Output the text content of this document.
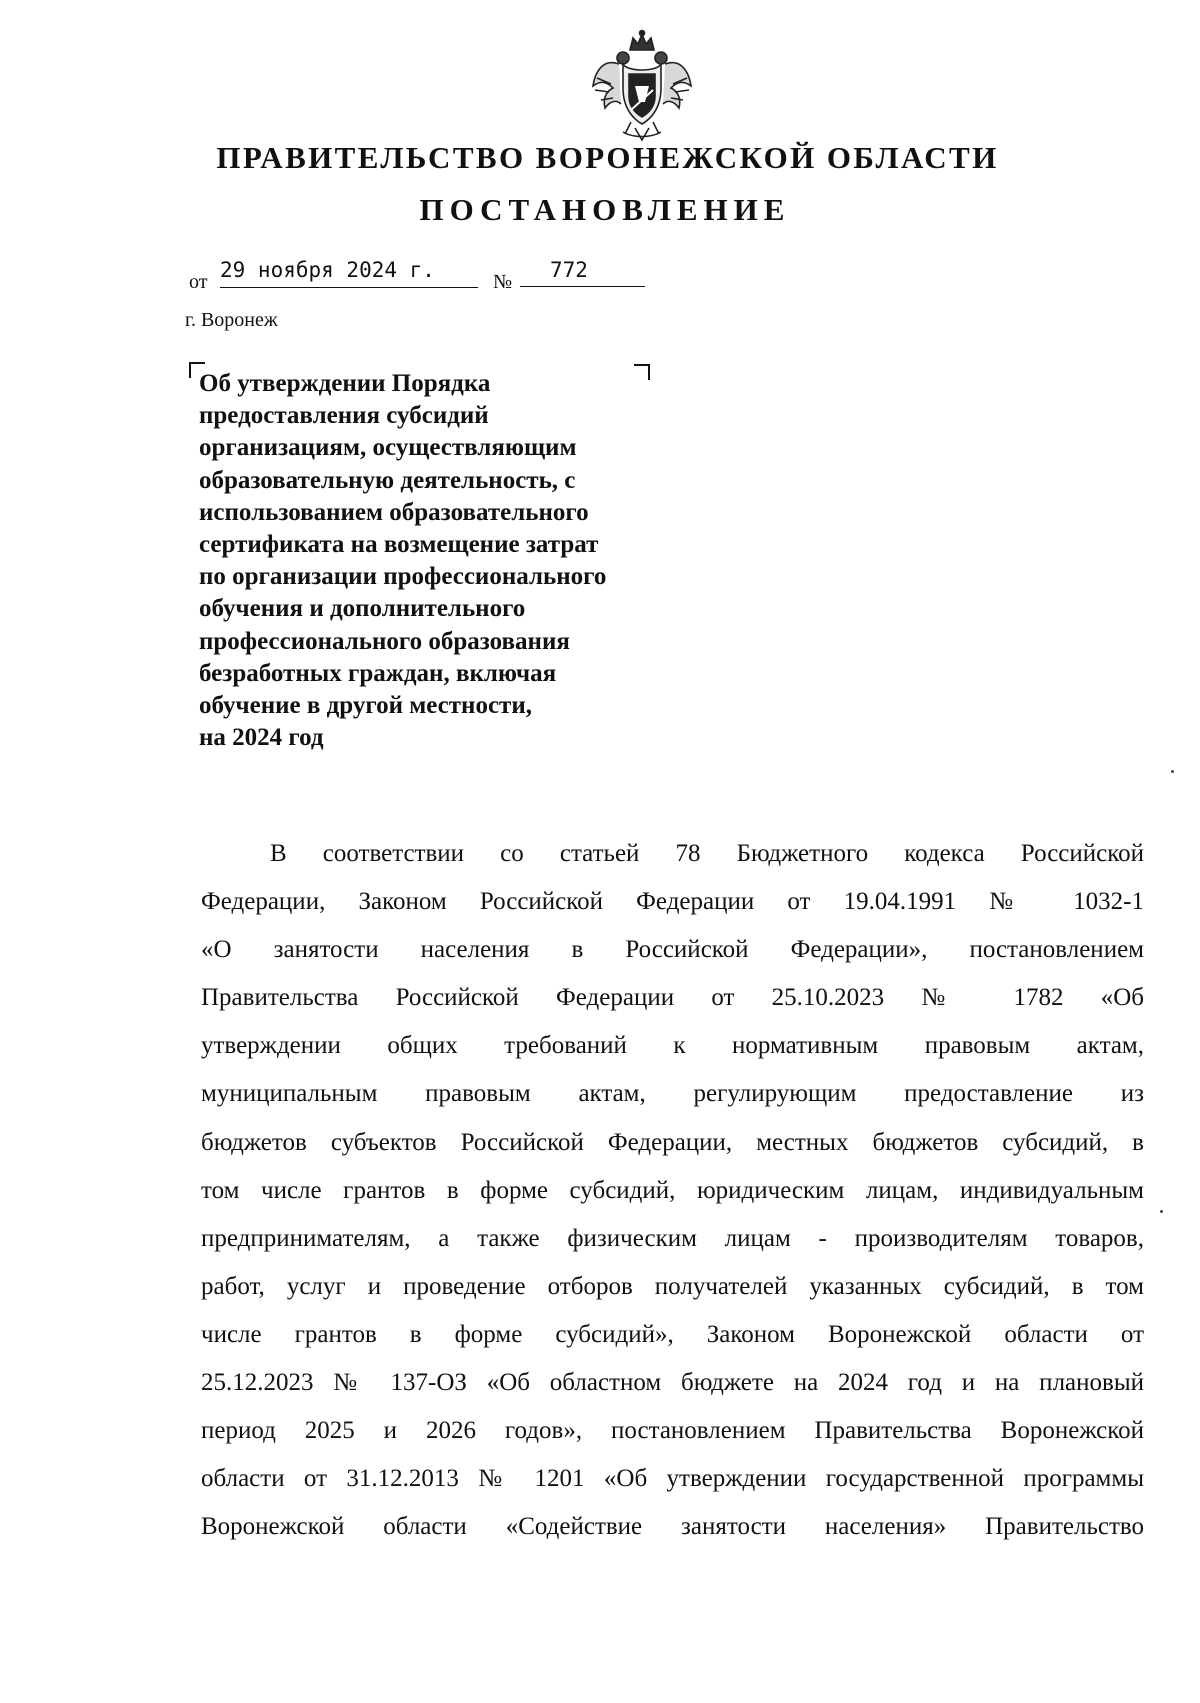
ПРАВИТЕЛЬСТВО ВОРОНЕЖСКОЙ ОБЛАСТИ
ПОСТАНОВЛЕНИЕ
от 29 ноября 2024 г.	№	772
г. Воронеж
Об утверждении Порядка
предоставления субсидий
организациям, осуществляющим
образовательную деятельность, с
использованием образовательного
сертификата на возмещение затрат
по организации профессионального
обучения и дополнительного
профессионального образования
безработных граждан, включая
обучение в другой местности,
на 2024 год
В соответствии со статьей 78 Бюджетного кодекса Российской
Федерации, Законом Российской Федерации от 19.04.1991 № 1032-1
«О занятости населения в Российской Федерации», постановлением
Правительства Российской Федерации от 25.10.2023 № 1782 «Об
утверждении общих требований к нормативным правовым актам,
муниципальным правовым актам, регулирующим предоставление из
бюджетов субъектов Российской Федерации, местных бюджетов субсидий, в
том числе грантов в форме субсидий, юридическим лицам, индивидуальным
предпринимателям, а также физическим лицам - производителям товаров,
работ, услуг и проведение отборов получателей указанных субсидий, в том
числе грантов в форме субсидий», Законом Воронежской области от
25.12.2023 № 137-ОЗ «Об областном бюджете на 2024 год и на плановый
период 2025 и 2026 годов», постановлением Правительства Воронежской
области от 31.12.2013 № 1201 «Об утверждении государственной программы
Воронежской области «Содействие занятости населения» Правительство
